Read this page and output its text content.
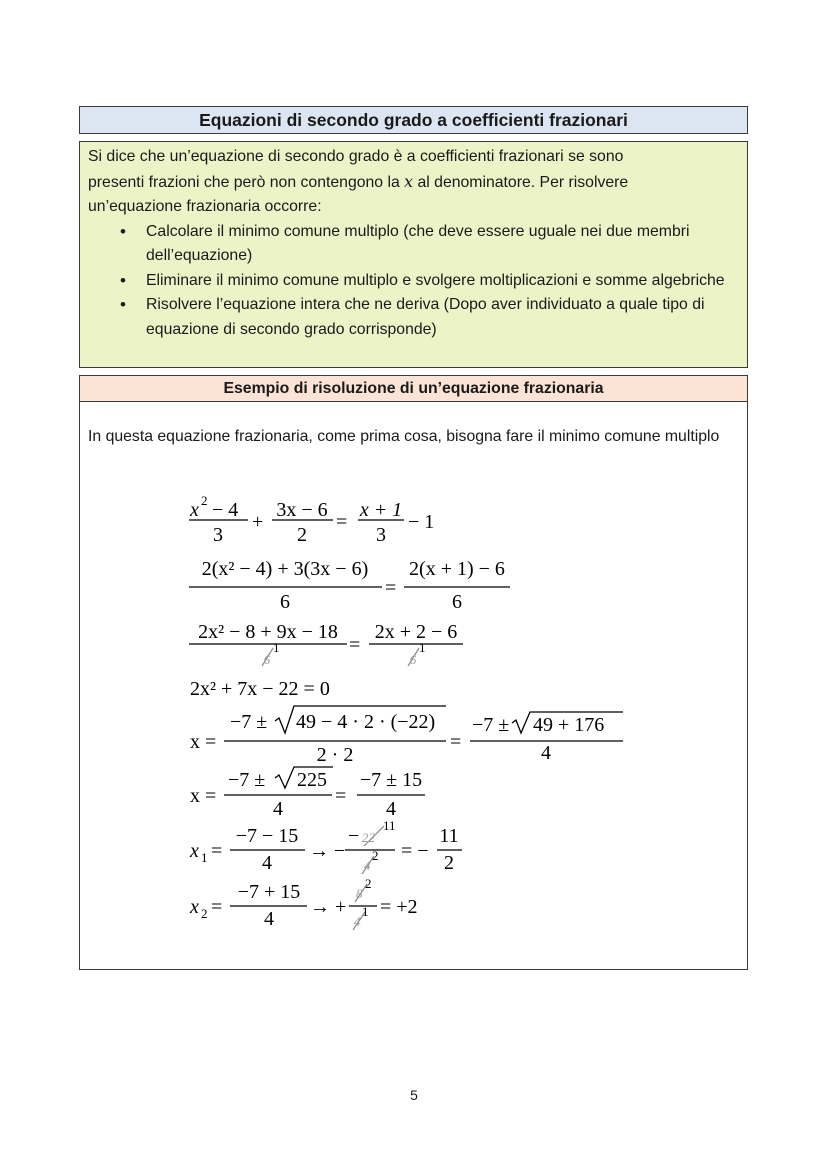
Equazioni di secondo grado a coefficienti frazionari

Si dice che un’equazione di secondo grado è a coefficienti frazionari se sono

presenti frazioni che però non contengono la x al denominatore. Per risolvere

un’equazione frazionaria occorre:

• Calcolare il minimo comune multiplo (che deve essere uguale nei due membri dell’equazione)
• Eliminare il minimo comune multiplo e svolgere moltiplicazioni e somme algebriche
• Risolvere l’equazione intera che ne deriva (Dopo aver individuato a quale tipo di equazione di secondo grado corrisponde)
Esempio di risoluzione di un’equazione frazionaria

In questa equazione frazionaria, come prima cosa, bisogna fare il minimo comune multiplo

x 2 − 4
3
+
3x − 6
2
=
x + 1
3
− 1
2(x² − 4) + 3(3x − 6)
6
=
2(x + 1) − 6
6
2x² − 8 + 9x − 18
6
1	=
2x + 2 − 6
6
1
2x² + 7x − 22 = 0
x =
−7 ± 49 − 4 · 2 · (−22)
2 · 2
=
−7 ± 49 + 176
4
x =
−7 ± 225
4
=
−7 ± 15
4
x 1 =
−7 − 15
4
→ −
− 22
11
4
2 = −
11
2
x 2 =
−7 + 15
4
→ +
8
2
4
1 = +2
5
